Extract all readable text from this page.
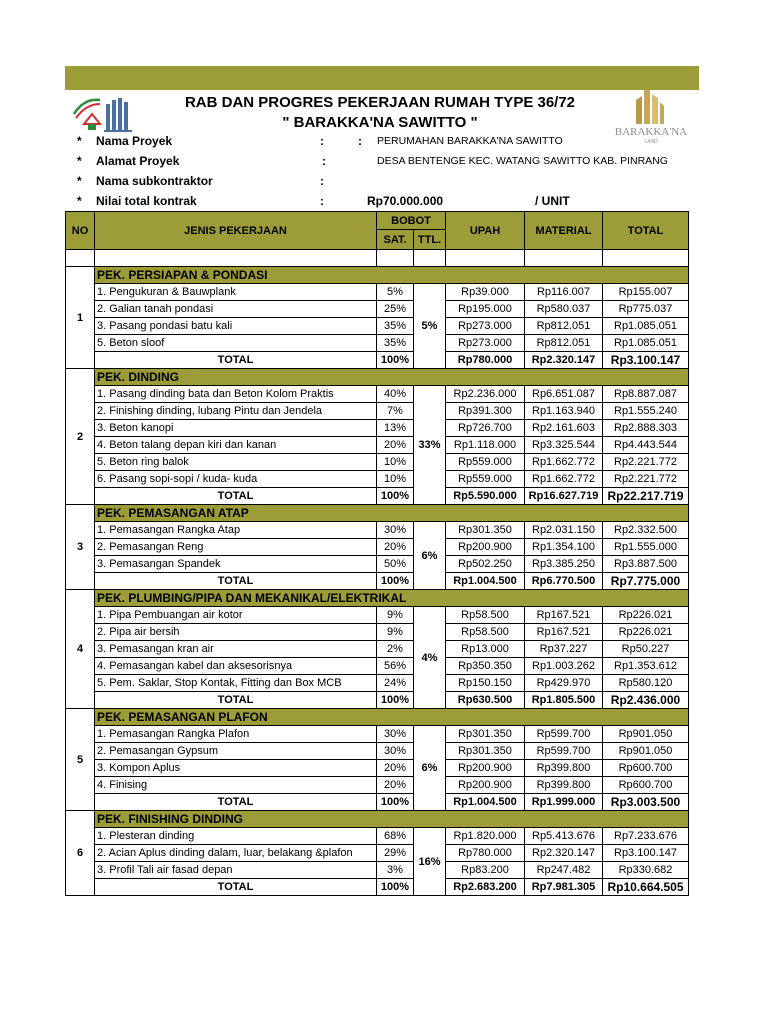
BARAKKA'NA
LAND
RAB DAN PROGRES PEKERJAAN RUMAH TYPE 36/72
" BARAKKA'NA SAWITTO "
* Nama Proyek	:	: PERUMAHAN BARAKKA'NA SAWITTO
* Alamat Proyek	:	DESA BENTENGE KEC. WATANG SAWITTO KAB. PINRANG
* Nama subkontraktor	:
* Nilai total kontrak	:	Rp70.000.000	/ UNIT
NO	JENIS PEKERJAAN	BOBOT		UPAH	MATERIAL	TOTAL
		SAT.	TTL.			

1	PEK. PERSIAPAN & PONDASI					
	1. Pengukuran & Bauwplank	5%	5%	Rp39.000	Rp116.007	Rp155.007
	2. Galian tanah pondasi	25%		Rp195.000	Rp580.037	Rp775.037
	3. Pasang pondasi batu kali	35%		Rp273.000	Rp812.051	Rp1.085.051
	5. Beton sloof	35%		Rp273.000	Rp812.051	Rp1.085.051
	TOTAL	100%		Rp780.000	Rp2.320.147	Rp3.100.147
2	PEK. DINDING					
	1. Pasang dinding bata dan Beton Kolom Praktis	40%	33%	Rp2.236.000	Rp6.651.087	Rp8.887.087
	2. Finishing dinding, lubang Pintu dan Jendela	7%		Rp391.300	Rp1.163.940	Rp1.555.240
	3. Beton kanopi	13%		Rp726.700	Rp2.161.603	Rp2.888.303
	4. Beton talang depan kiri dan kanan	20%		Rp1.118.000	Rp3.325.544	Rp4.443.544
	5. Beton ring balok	10%		Rp559.000	Rp1.662.772	Rp2.221.772
	6. Pasang sopi-sopi / kuda- kuda	10%		Rp559.000	Rp1.662.772	Rp2.221.772
	TOTAL	100%		Rp5.590.000	Rp16.627.719	Rp22.217.719
3	PEK. PEMASANGAN ATAP					
	1. Pemasangan Rangka Atap	30%	6%	Rp301.350	Rp2.031.150	Rp2.332.500
	2. Pemasangan Reng	20%		Rp200.900	Rp1.354.100	Rp1.555.000
	3. Pemasangan Spandek	50%		Rp502.250	Rp3.385.250	Rp3.887.500
	TOTAL	100%		Rp1.004.500	Rp6.770.500	Rp7.775.000
4	PEK. PLUMBING/PIPA DAN MEKANIKAL/ELEKTRIKAL					
	1. Pipa Pembuangan air kotor	9%	4%	Rp58.500	Rp167.521	Rp226.021
	2. Pipa air bersih	9%		Rp58.500	Rp167.521	Rp226.021
	3. Pemasangan kran air	2%		Rp13.000	Rp37.227	Rp50.227
	4. Pemasangan kabel dan aksesorisnya	56%		Rp350.350	Rp1.003.262	Rp1.353.612
	5. Pem. Saklar, Stop Kontak, Fitting dan Box MCB	24%		Rp150.150	Rp429.970	Rp580.120
	TOTAL	100%		Rp630.500	Rp1.805.500	Rp2.436.000
5	PEK. PEMASANGAN PLAFON					
	1. Pemasangan Rangka Plafon	30%	6%	Rp301.350	Rp599.700	Rp901.050
	2. Pemasangan Gypsum	30%		Rp301.350	Rp599.700	Rp901.050
	3. Kompon Aplus	20%		Rp200.900	Rp399.800	Rp600.700
	4. Finising	20%		Rp200.900	Rp399.800	Rp600.700
	TOTAL	100%		Rp1.004.500	Rp1.999.000	Rp3.003.500
6	PEK. FINISHING DINDING					
	1. Plesteran dinding	68%	16%	Rp1.820.000	Rp5.413.676	Rp7.233.676
	2. Acian Aplus dinding dalam, luar, belakang &plafon	29%		Rp780.000	Rp2.320.147	Rp3.100.147
	3. Profil Tali air fasad depan	3%		Rp83.200	Rp247.482	Rp330.682
	TOTAL	100%		Rp2.683.200	Rp7.981.305	Rp10.664.505
